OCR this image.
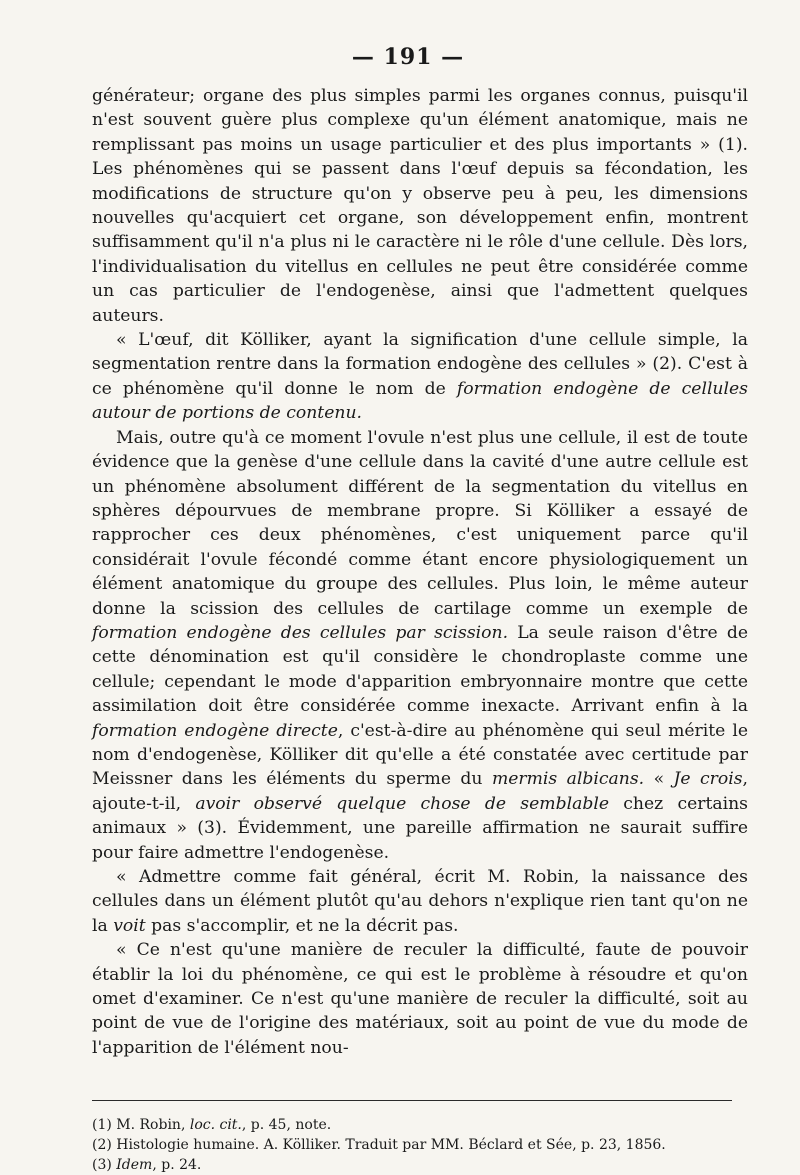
— 191 —

générateur; organe des plus simples parmi les organes connus, puisqu'il n'est souvent guère plus complexe qu'un élément anatomique, mais ne remplissant pas moins un usage particulier et des plus importants » (1). Les phénomènes qui se passent dans l'œuf depuis sa fécondation, les modifications de structure qu'on y observe peu à peu, les dimensions nouvelles qu'acquiert cet organe, son développement enfin, montrent suffisamment qu'il n'a plus ni le caractère ni le rôle d'une cellule. Dès lors, l'individualisation du vitellus en cellules ne peut être considérée comme un cas particulier de l'endogenèse, ainsi que l'admettent quelques auteurs.

« L'œuf, dit Kölliker, ayant la signification d'une cellule simple, la segmentation rentre dans la formation endogène des cellules » (2). C'est à ce phénomène qu'il donne le nom de formation endogène de cellules autour de portions de contenu.

Mais, outre qu'à ce moment l'ovule n'est plus une cellule, il est de toute évidence que la genèse d'une cellule dans la cavité d'une autre cellule est un phénomène absolument différent de la segmentation du vitellus en sphères dépourvues de membrane propre. Si Kölliker a essayé de rapprocher ces deux phénomènes, c'est uniquement parce qu'il considérait l'ovule fécondé comme étant encore physiologiquement un élément anatomique du groupe des cellules. Plus loin, le même auteur donne la scission des cellules de cartilage comme un exemple de formation endogène des cellules par scission. La seule raison d'être de cette dénomination est qu'il considère le chondroplaste comme une cellule; cependant le mode d'apparition embryonnaire montre que cette assimilation doit être considérée comme inexacte. Arrivant enfin à la formation endogène directe, c'est-à-dire au phénomène qui seul mérite le nom d'endogenèse, Kölliker dit qu'elle a été constatée avec certitude par Meissner dans les éléments du sperme du mermis albicans. « Je crois, ajoute-t-il, avoir observé quelque chose de semblable chez certains animaux » (3). Évidemment, une pareille affirmation ne saurait suffire pour faire admettre l'endogenèse.

« Admettre comme fait général, écrit M. Robin, la naissance des cellules dans un élément plutôt qu'au dehors n'explique rien tant qu'on ne la voit pas s'accomplir, et ne la décrit pas.

« Ce n'est qu'une manière de reculer la difficulté, faute de pouvoir établir la loi du phénomène, ce qui est le problème à résoudre et qu'on omet d'examiner. Ce n'est qu'une manière de reculer la difficulté, soit au point de vue de l'origine des matériaux, soit au point de vue du mode de l'apparition de l'élément nou-

(1) M. Robin, loc. cit., p. 45, note.

(2) Histologie humaine. A. Kölliker. Traduit par MM. Béclard et Sée, p. 23, 1856.

(3) Idem, p. 24.
